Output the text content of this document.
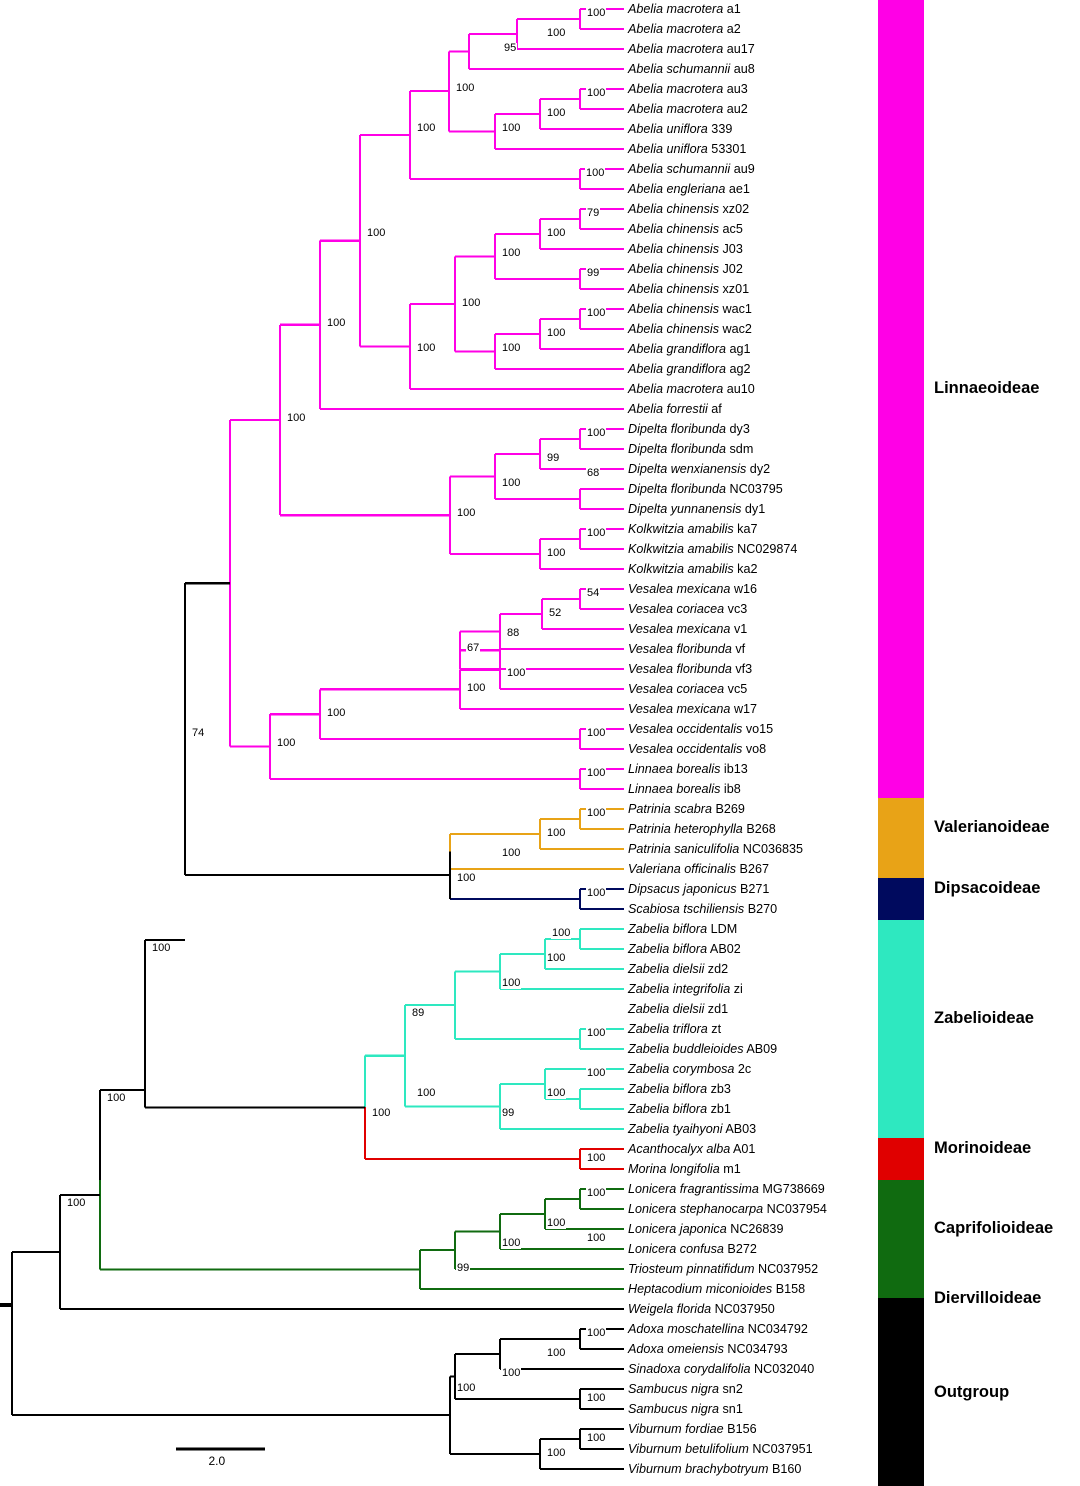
Abelia macrotera a1
Abelia macrotera a2
Abelia macrotera au17
Abelia schumannii au8
Abelia macrotera au3
Abelia macrotera au2
Abelia uniflora 339
Abelia uniflora 53301
Abelia schumannii au9
Abelia engleriana ae1
Abelia chinensis xz02
Abelia chinensis ac5
Abelia chinensis J03
Abelia chinensis J02
Abelia chinensis xz01
Abelia chinensis wac1
Abelia chinensis wac2
Abelia grandiflora ag1
Abelia grandiflora ag2
Abelia macrotera au10
Abelia forrestii af
Dipelta floribunda dy3
Dipelta floribunda sdm
Dipelta wenxianensis dy2
Dipelta floribunda NC03795
Dipelta yunnanensis dy1
Kolkwitzia amabilis ka7
Kolkwitzia amabilis NC029874
Kolkwitzia amabilis ka2
Vesalea mexicana w16
Vesalea coriacea vc3
Vesalea mexicana v1
Vesalea floribunda vf
Vesalea floribunda vf3
Vesalea coriacea vc5
Vesalea mexicana w17
Vesalea occidentalis vo15
Vesalea occidentalis vo8
Linnaea borealis ib13
Linnaea borealis ib8
Patrinia scabra B269
Patrinia heterophylla B268
Patrinia saniculifolia NC036835
Valeriana officinalis B267
Dipsacus japonicus B271
Scabiosa tschiliensis B270
Zabelia biflora LDM
Zabelia biflora AB02
Zabelia dielsii zd2
Zabelia integrifolia zi
Zabelia dielsii zd1
Zabelia triflora zt
Zabelia buddleioides AB09
Zabelia corymbosa 2c
Zabelia biflora zb3
Zabelia biflora zb1
Zabelia tyaihyoni AB03
Acanthocalyx alba A01
Morina longifolia m1
Lonicera fragrantissima MG738669
Lonicera stephanocarpa NC037954
Lonicera japonica NC26839
Lonicera confusa B272
Triosteum pinnatifidum NC037952
Heptacodium miconioides B158
Weigela florida NC037950
Adoxa moschatellina NC034792
Adoxa omeiensis NC034793
Sinadoxa corydalifolia NC032040
Sambucus nigra sn2
Sambucus nigra sn1
Viburnum fordiae B156
Viburnum betulifolium NC037951
Viburnum brachybotryum B160
100
95
100
100	100
100
100
100
100
79
100
100
99
100
100
100
100
100
100
100
100
100
99
68
100
100
100
100
54
52
88
67
100
100
100
100
100
74
100
100
100
100
100
100
100
100
100
100
89
100
100
100
100
99
100
100
100
100
100
100
100
99
100
100
100
100
100
100
100
100
Linnaeoideae
Valerianoideae
Dipsacoideae
Zabelioideae
Morinoideae
Caprifolioideae
Diervilloideae
Outgroup
2.0
